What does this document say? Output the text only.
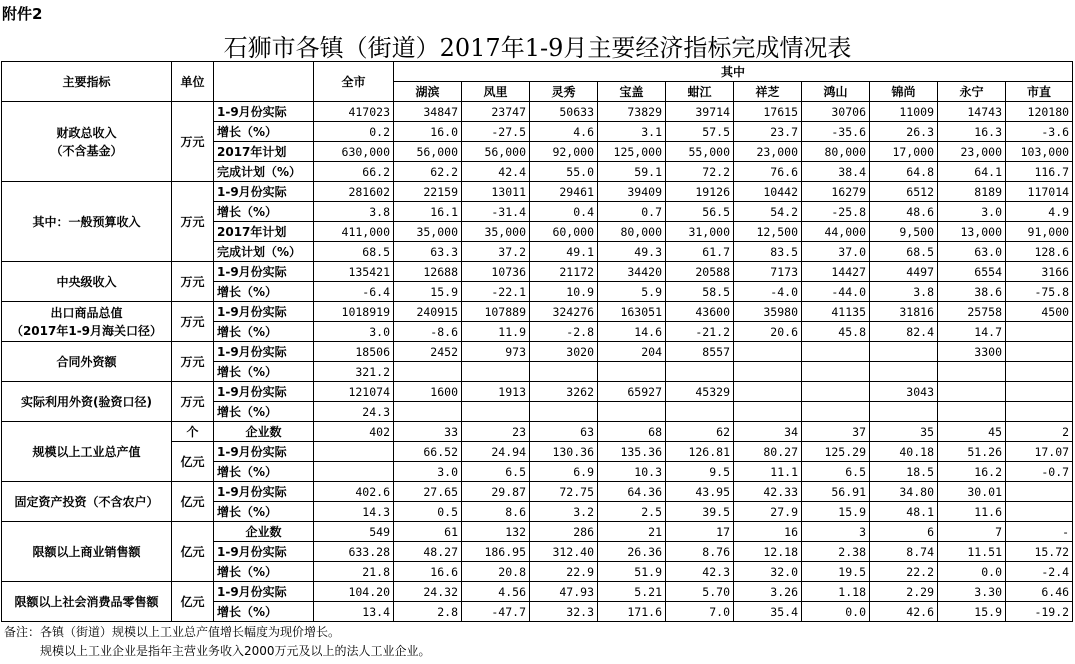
附件2
石狮市各镇（街道）2017年1-9月主要经济指标完成情况表
主要指标	单位		全市	其中									
				湖滨	凤里	灵秀	宝盖	蚶江	祥芝	鸿山	锦尚	永宁	市直

财政总收入
（不含基金）	万元	1-9月份实际	417023	34847	23747	50633	73829	39714	17615	30706	11009	14743	120180
		增长（%）	0.2	16.0	-27.5	4.6	3.1	57.5	23.7	-35.6	26.3	16.3	-3.6
		2017年计划	630,000	56,000	56,000	92,000	125,000	55,000	23,000	80,000	17,000	23,000	103,000
		完成计划（%）	66.2	62.2	42.4	55.0	59.1	72.2	76.6	38.4	64.8	64.1	116.7

其中：一般预算收入	万元	1-9月份实际	281602	22159	13011	29461	39409	19126	10442	16279	6512	8189	117014
		增长（%）	3.8	16.1	-31.4	0.4	0.7	56.5	54.2	-25.8	48.6	3.0	4.9
		2017年计划	411,000	35,000	35,000	60,000	80,000	31,000	12,500	44,000	9,500	13,000	91,000
		完成计划（%）	68.5	63.3	37.2	49.1	49.3	61.7	83.5	37.0	68.5	63.0	128.6

中央级收入	万元	1-9月份实际	135421	12688	10736	21172	34420	20588	7173	14427	4497	6554	3166
		增长（%）	-6.4	15.9	-22.1	10.9	5.9	58.5	-4.0	-44.0	3.8	38.6	-75.8

出口商品总值
（2017年1-9月海关口径）	万元	1-9月份实际	1018919	240915	107889	324276	163051	43600	35980	41135	31816	25758	4500
		增长（%）	3.0	-8.6	11.9	-2.8	14.6	-21.2	20.6	45.8	82.4	14.7	

合同外资额	万元	1-9月份实际	18506	2452	973	3020	204	8557				3300	
		增长（%）	321.2										

实际利用外资(验资口径)	万元	1-9月份实际	121074	1600	1913	3262	65927	45329			3043		
		增长（%）	24.3										

规模以上工业总产值	个	企业数	402	33	23	63	68	62	34	37	35	45	2
	亿元	1-9月份实际		66.52	24.94	130.36	135.36	126.81	80.27	125.29	40.18	51.26	17.07
		增长（%）		3.0	6.5	6.9	10.3	9.5	11.1	6.5	18.5	16.2	-0.7

固定资产投资（不含农户）	亿元	1-9月份实际	402.6	27.65	29.87	72.75	64.36	43.95	42.33	56.91	34.80	30.01	
		增长（%）	14.3	0.5	8.6	3.2	2.5	39.5	27.9	15.9	48.1	11.6	

限额以上商业销售额	亿元	企业数	549	61	132	286	21	17	16	3	6	7	-
		1-9月份实际	633.28	48.27	186.95	312.40	26.36	8.76	12.18	2.38	8.74	11.51	15.72
		增长（%）	21.8	16.6	20.8	22.9	51.9	42.3	32.0	19.5	22.2	0.0	-2.4

限额以上社会消费品零售额	亿元	1-9月份实际	104.20	24.32	4.56	47.93	5.21	5.70	3.26	1.18	2.29	3.30	6.46
		增长（%）	13.4	2.8	-47.7	32.3	171.6	7.0	35.4	0.0	42.6	15.9	-19.2
备注：各镇（街道）规模以上工业总产值增长幅度为现价增长。
规模以上工业企业是指年主营业务收入2000万元及以上的法人工业企业。
